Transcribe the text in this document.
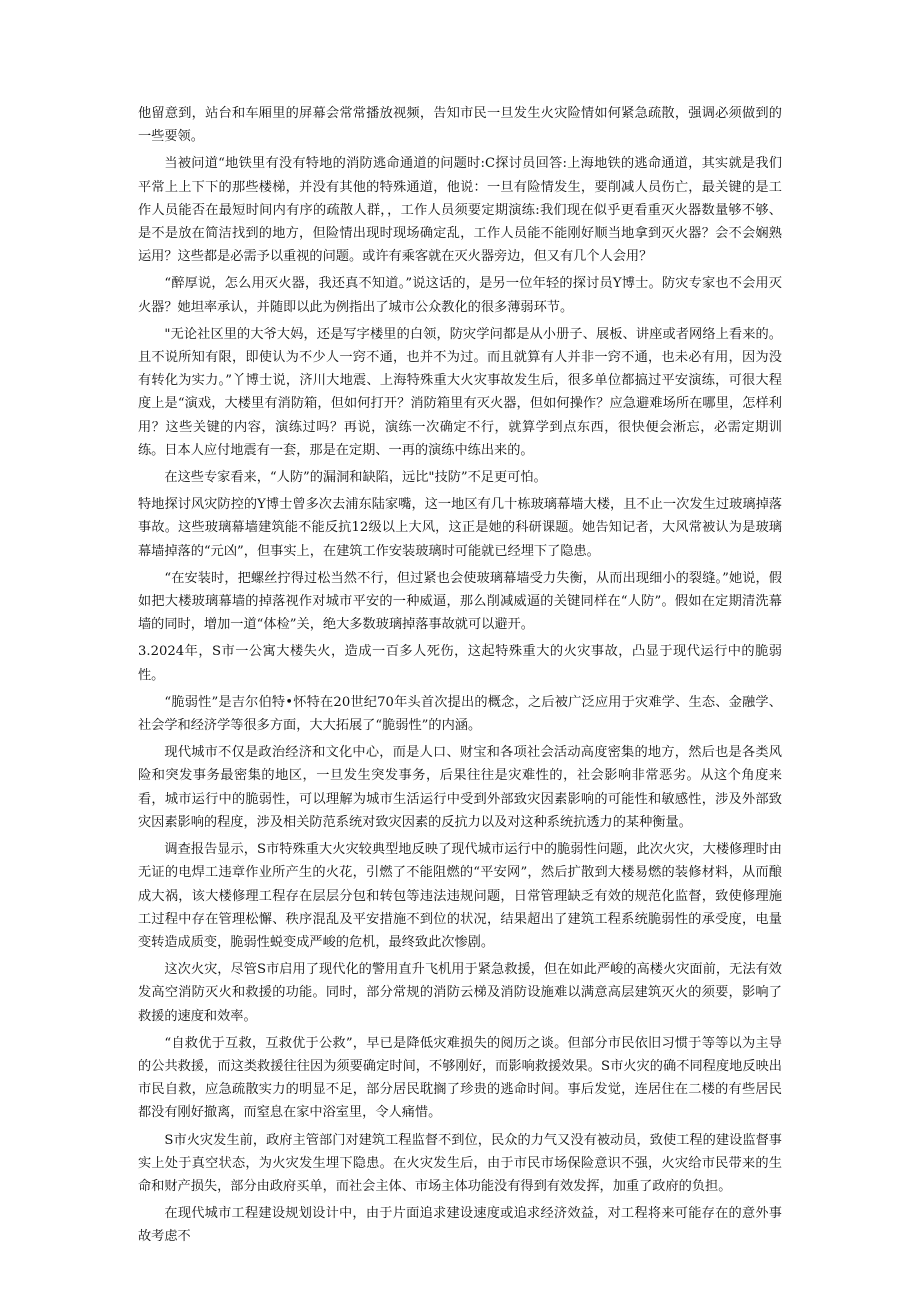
他留意到，站台和车厢里的屏幕会常常播放视频，告知市民一旦发生火灾险情如何紧急疏散，强调必须做到的一些要领。

当被问道“地铁里有没有特地的消防逃命通道的问题时:C探讨员回答:上海地铁的逃命通道，其实就是我们平常上上下下的那些楼梯，并没有其他的特殊通道，他说：一旦有险情发生，要削减人员伤亡，最关键的是工作人员能否在最短时间内有序的疏散人群，，工作人员须要定期演练:我们现在似乎更看重灭火器数量够不够、是不是放在简洁找到的地方，但险情出现时现场确定乱，工作人员能不能刚好顺当地拿到灭火器？会不会娴熟运用？这些都是必需予以重视的问题。或许有乘客就在灭火器旁边，但又有几个人会用？

“醉厚说，怎么用灭火器，我还真不知道。”说这话的，是另一位年轻的探讨员Y博士。防灾专家也不会用灭火器？她坦率承认，并随即以此为例指出了城市公众教化的很多薄弱环节。

"无论社区里的大爷大妈，还是写字楼里的白领，防灾学问都是从小册子、展板、讲座或者网络上看来的。且不说所知有限，即使认为不少人一窍不通，也并不为过。而且就算有人并非一窍不通，也未必有用，因为没有转化为实力。”丫博士说，济川大地震、上海特殊重大火灾事故发生后，很多单位都搞过平安演练，可很大程度上是“演戏，大楼里有消防箱，但如何打开？消防箱里有灭火器，但如何操作？应急避难场所在哪里，怎样利用？这些关键的内容，演练过吗？再说，演练一次确定不行，就算学到点东西，很快便会淅忘，必需定期训练。日本人应付地震有一套，那是在定期、一再的演练中练出来的。

在这些专家看来，“人防”的漏洞和缺陷，远比"技防”不足更可怕。

特地探讨风灾防控的Y博士曾多次去浦东陆家嘴，这一地区有几十栋玻璃幕墙大楼，且不止一次发生过玻璃掉落事故。这些玻璃幕墙建筑能不能反抗12级以上大风，这正是她的科研课题。她告知记者，大风常被认为是玻璃幕墙掉落的“元凶”，但事实上，在建筑工作安装玻璃时可能就已经埋下了隐患。

“在安装时，把螺丝拧得过松当然不行，但过紧也会使玻璃幕墙受力失衡，从而出现细小的裂缝。”她说，假如把大楼玻璃幕墙的掉落视作对城市平安的一种威逼，那么削减威逼的关键同样在“人防”。假如在定期清洗幕墙的同时，增加一道“体检”关，绝大多数玻璃掉落事故就可以避开。

3.2024年，S市一公寓大楼失火，造成一百多人死伤，这起特殊重大的火灾事故，凸显于现代运行中的脆弱性。

“脆弱性”是吉尔伯特•怀特在20世纪70年头首次提出的概念，之后被广泛应用于灾难学、生态、金融学、社会学和经济学等很多方面，大大拓展了“脆弱性”的内涵。

现代城市不仅是政治经济和文化中心，而是人口、财宝和各项社会活动高度密集的地方，然后也是各类风险和突发事务最密集的地区，一旦发生突发事务，后果往往是灾难性的，社会影响非常恶劣。从这个角度来看，城市运行中的脆弱性，可以理解为城市生活运行中受到外部致灾因素影响的可能性和敏感性，涉及外部致灾因素影响的程度，涉及相关防范系统对致灾因素的反抗力以及对这种系统抗透力的某种衡量。

调查报告显示，S市特殊重大火灾较典型地反映了现代城市运行中的脆弱性问题，此次火灾，大楼修理时由无证的电焊工违章作业所产生的火花，引燃了不能阻燃的“平安网”，然后扩散到大楼易燃的装修材料，从而酿成大祸，该大楼修理工程存在层层分包和转包等违法违规问题，日常管理缺乏有效的规范化监督，致使修理施工过程中存在管理松懈、秩序混乱及平安措施不到位的状况，结果超出了建筑工程系统脆弱性的承受度，电量变转造成质变，脆弱性蜕变成严峻的危机，最终致此次惨剧。

这次火灾，尽管S市启用了现代化的警用直升飞机用于紧急救援，但在如此严峻的高楼火灾面前，无法有效发高空消防灭火和救援的功能。同时，部分常规的消防云梯及消防设施难以满意高层建筑灭火的须要，影响了救援的速度和效率。

“自救优于互救，互救优于公救”，早已是降低灾难损失的阅历之谈。但部分市民依旧习惯于等等以为主导的公共救援，而这类救援往往因为须要确定时间，不够刚好，而影响救援效果。S市火灾的确不同程度地反映出市民自救，应急疏散实力的明显不足，部分居民耽搁了珍贵的逃命时间。事后发觉，连居住在二楼的有些居民都没有刚好撤离，而窒息在家中浴室里，令人痛惜。

S市火灾发生前，政府主管部门对建筑工程监督不到位，民众的力气又没有被动员，致使工程的建设监督事实上处于真空状态，为火灾发生埋下隐患。在火灾发生后，由于市民市场保险意识不强，火灾给市民带来的生命和财产损失，部分由政府买单，而社会主体、市场主体功能没有得到有效发挥，加重了政府的负担。

在现代城市工程建设规划设计中，由于片面追求建设速度或追求经济效益，对工程将来可能存在的意外事故考虑不
